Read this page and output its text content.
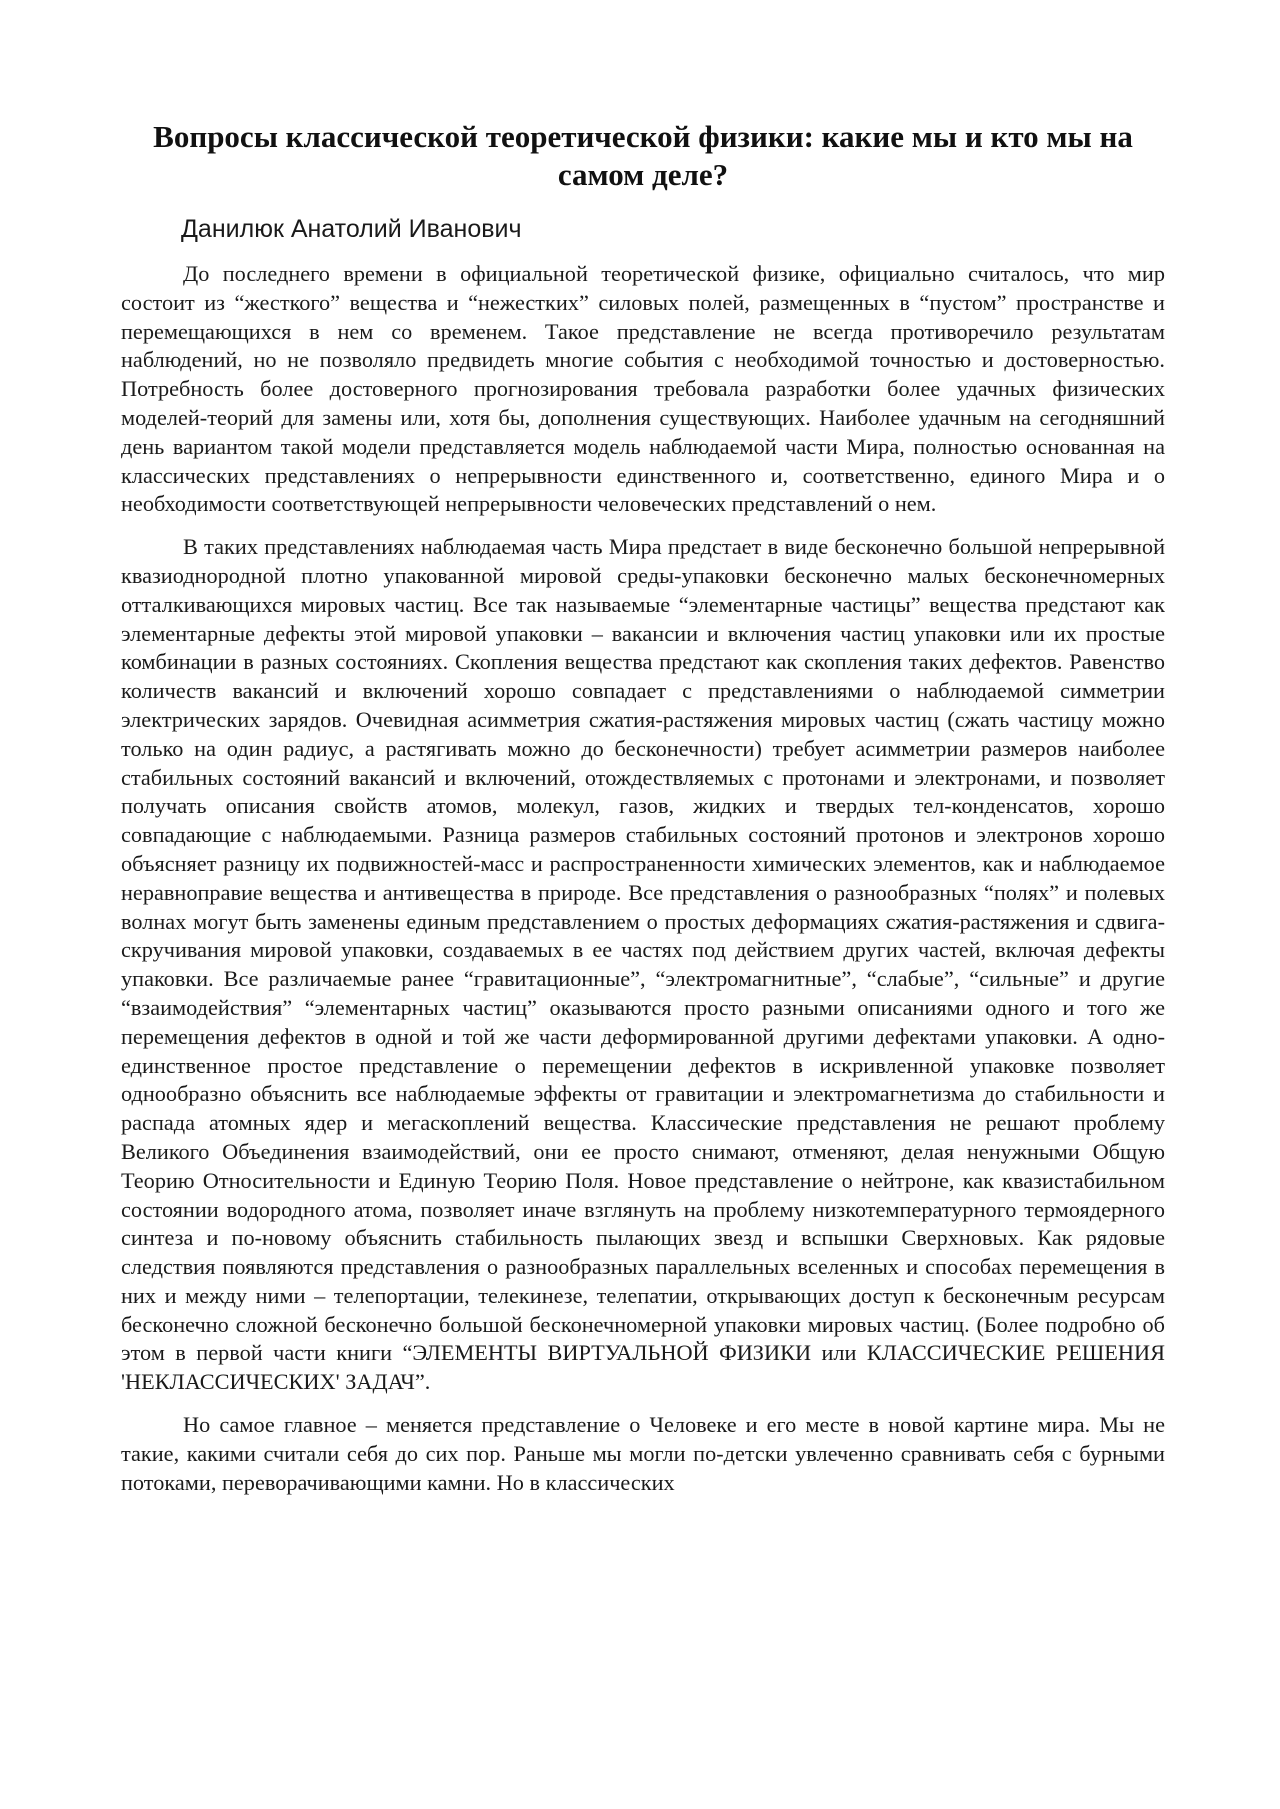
Вопросы классической теоретической физики: какие мы и кто мы на самом деле?
Данилюк Анатолий Иванович

До последнего времени в официальной теоретической физике, официально считалось, что мир состоит из “жесткого” вещества и “нежестких” силовых полей, размещенных в “пустом” пространстве и перемещающихся в нем со временем. Такое представление не всегда противоречило результатам наблюдений, но не позволяло предвидеть многие события с необходимой точностью и достоверностью. Потребность более достоверного прогнозирования требовала разработки более удачных физических моделей-теорий для замены или, хотя бы, дополнения существующих. Наиболее удачным на сегодняшний день вариантом такой модели представляется модель наблюдаемой части Мира, полностью основанная на классических представлениях о непрерывности единственного и, соответственно, единого Мира и о необходимости соответствующей непрерывности человеческих представлений о нем.

В таких представлениях наблюдаемая часть Мира предстает в виде бесконечно большой непрерывной квазиоднородной плотно упакованной мировой среды-упаковки бесконечно малых бесконечномерных отталкивающихся мировых частиц. Все так называемые “элементарные частицы” вещества предстают как элементарные дефекты этой мировой упаковки – вакансии и включения частиц упаковки или их простые комбинации в разных состояниях. Скопления вещества предстают как скопления таких дефектов. Равенство количеств вакансий и включений хорошо совпадает с представлениями о наблюдаемой симметрии электрических зарядов. Очевидная асимметрия сжатия-растяжения мировых частиц (сжать частицу можно только на один радиус, а растягивать можно до бесконечности) требует асимметрии размеров наиболее стабильных состояний вакансий и включений, отождествляемых с протонами и электронами, и позволяет получать описания свойств атомов, молекул, газов, жидких и твердых тел-конденсатов, хорошо совпадающие с наблюдаемыми. Разница размеров стабильных состояний протонов и электронов хорошо объясняет разницу их подвижностей-масс и распространенности химических элементов, как и наблюдаемое неравноправие вещества и антивещества в природе. Все представления о разнообразных “полях” и полевых волнах могут быть заменены единым представлением о простых деформациях сжатия-растяжения и сдвига-скручивания мировой упаковки, создаваемых в ее частях под действием других частей, включая дефекты упаковки. Все различаемые ранее “гравитационные”, “электромагнитные”, “слабые”, “сильные” и другие “взаимодействия” “элементарных частиц” оказываются просто разными описаниями одного и того же перемещения дефектов в одной и той же части деформированной другими дефектами упаковки. А одно-единственное простое представление о перемещении дефектов в искривленной упаковке позволяет однообразно объяснить все наблюдаемые эффекты от гравитации и электромагнетизма до стабильности и распада атомных ядер и мегаскоплений вещества. Классические представления не решают проблему Великого Объединения взаимодействий, они ее просто снимают, отменяют, делая ненужными Общую Теорию Относительности и Единую Теорию Поля. Новое представление о нейтроне, как квазистабильном состоянии водородного атома, позволяет иначе взглянуть на проблему низкотемпературного термоядерного синтеза и по-новому объяснить стабильность пылающих звезд и вспышки Сверхновых. Как рядовые следствия появляются представления о разнообразных параллельных вселенных и способах перемещения в них и между ними – телепортации, телекинезе, телепатии, открывающих доступ к бесконечным ресурсам бесконечно сложной бесконечно большой бесконечномерной упаковки мировых частиц. (Более подробно об этом в первой части книги “ЭЛЕМЕНТЫ ВИРТУАЛЬНОЙ ФИЗИКИ или КЛАССИЧЕСКИЕ РЕШЕНИЯ 'НЕКЛАССИЧЕСКИХ' ЗАДАЧ”.

Но самое главное – меняется представление о Человеке и его месте в новой картине мира. Мы не такие, какими считали себя до сих пор. Раньше мы могли по-детски увлеченно сравнивать себя с бурными потоками, переворачивающими камни. Но в классических
